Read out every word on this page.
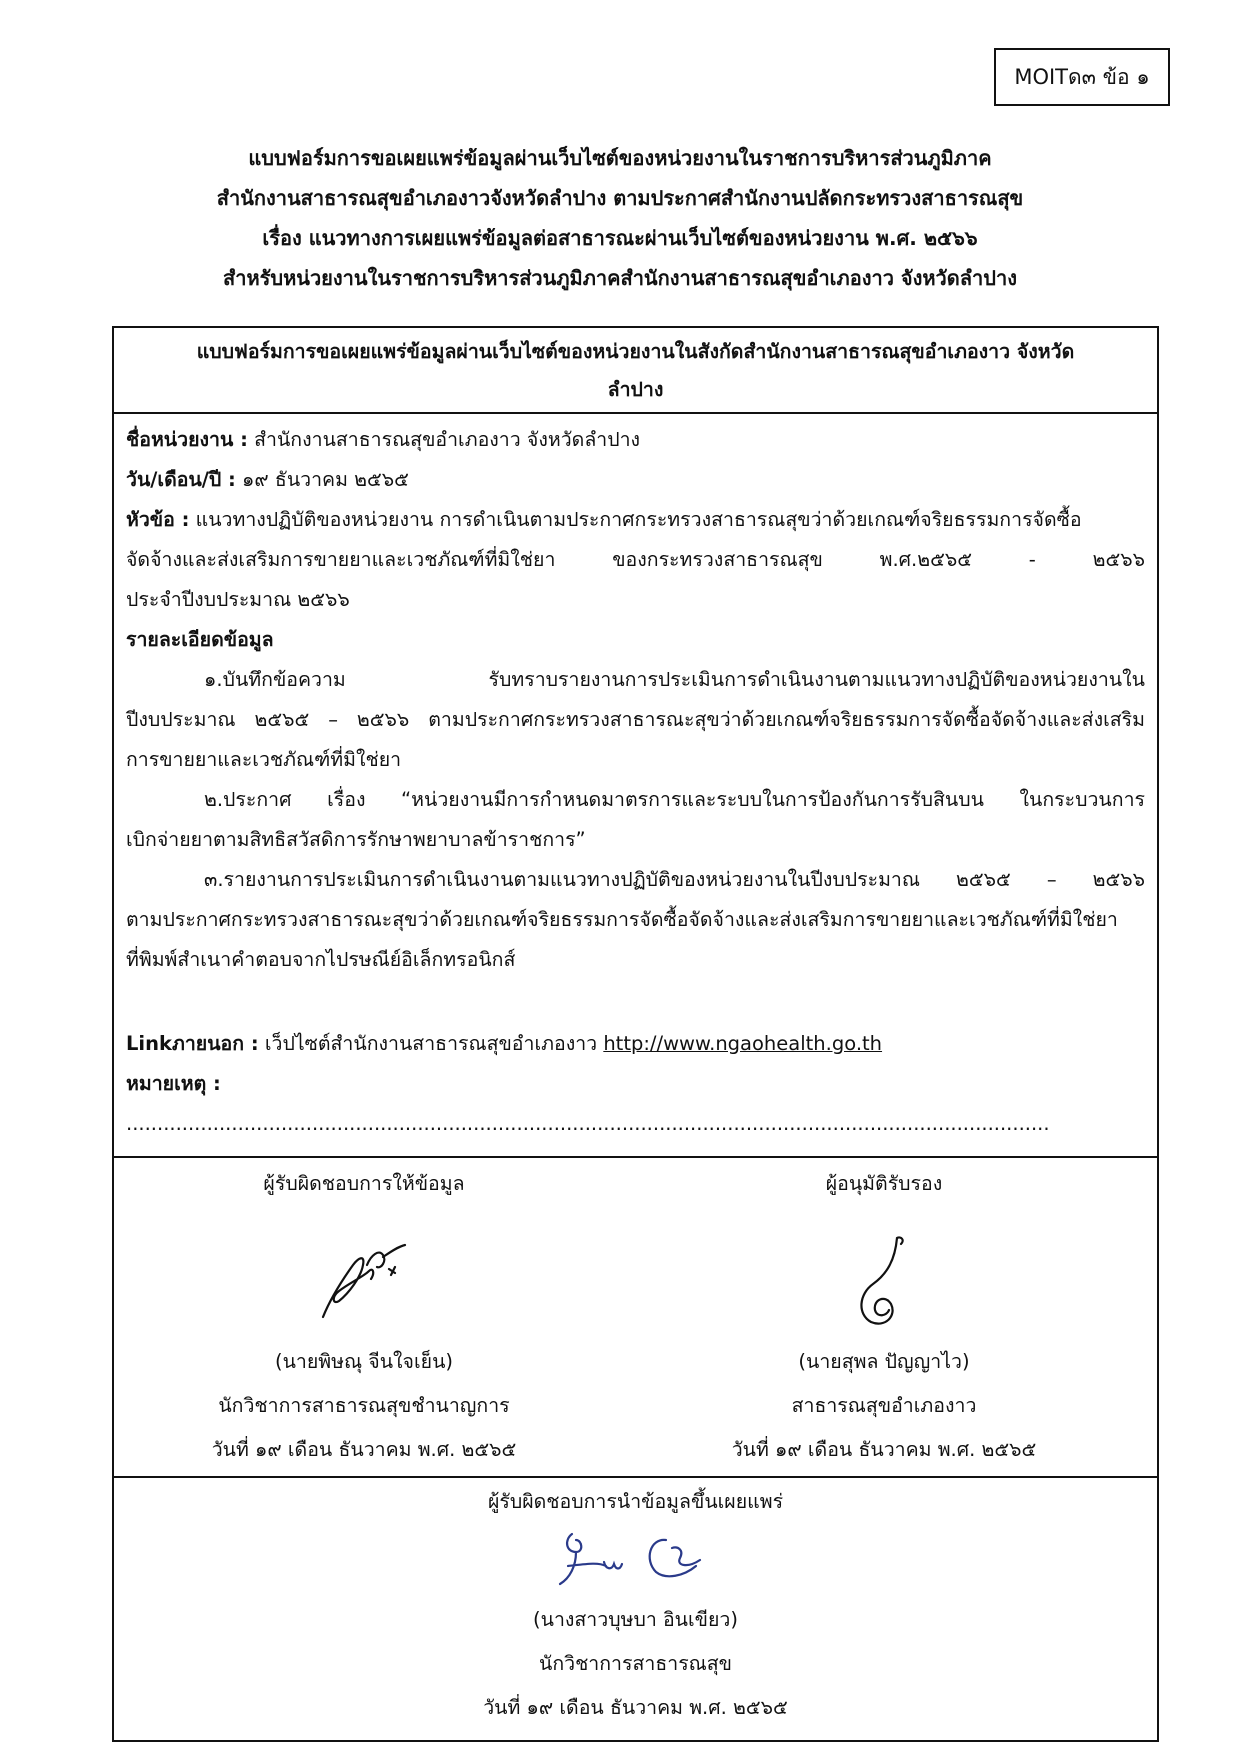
MOITด๓ ข้อ ๑
แบบฟอร์มการขอเผยแพร่ข้อมูลผ่านเว็บไซต์ของหน่วยงานในราชการบริหารส่วนภูมิภาค
สำนักงานสาธารณสุขอำเภองาวจังหวัดลำปาง ตามประกาศสำนักงานปลัดกระทรวงสาธารณสุข
เรื่อง แนวทางการเผยแพร่ข้อมูลต่อสาธารณะผ่านเว็บไซต์ของหน่วยงาน พ.ศ. ๒๕๖๖
สำหรับหน่วยงานในราชการบริหารส่วนภูมิภาคสำนักงานสาธารณสุขอำเภองาว จังหวัดลำปาง
แบบฟอร์มการขอเผยแพร่ข้อมูลผ่านเว็บไซต์ของหน่วยงานในสังกัดสำนักงานสาธารณสุขอำเภองาว จังหวัด
ลำปาง
ชื่อหน่วยงาน : สำนักงานสาธารณสุขอำเภองาว จังหวัดลำปาง
วัน/เดือน/ปี : ๑๙ ธันวาคม ๒๕๖๕
หัวข้อ : แนวทางปฏิบัติของหน่วยงาน การดำเนินตามประกาศกระทรวงสาธารณสุขว่าด้วยเกณฑ์จริยธรรมการจัดซื้อ
จัดจ้างและส่งเสริมการขายยาและเวชภัณฑ์ที่มิใช่ยา ของกระทรวงสาธารณสุข พ.ศ.๒๕๖๕ - ๒๕๖๖
ประจำปีงบประมาณ ๒๕๖๖
รายละเอียดข้อมูล
๑.บันทึกข้อความ รับทราบรายงานการประเมินการดำเนินงานตามแนวทางปฏิบัติของหน่วยงานใน
ปีงบประมาณ ๒๕๖๕ – ๒๕๖๖ ตามประกาศกระทรวงสาธารณะสุขว่าด้วยเกณฑ์จริยธรรมการจัดซื้อจัดจ้างและส่งเสริม
การขายยาและเวชภัณฑ์ที่มิใช่ยา
๒.ประกาศ เรื่อง “หน่วยงานมีการกำหนดมาตรการและระบบในการป้องกันการรับสินบน ในกระบวนการ
เบิกจ่ายยาตามสิทธิสวัสดิการรักษาพยาบาลข้าราชการ”
๓.รายงานการประเมินการดำเนินงานตามแนวทางปฏิบัติของหน่วยงานในปีงบประมาณ ๒๕๖๕ – ๒๕๖๖
ตามประกาศกระทรวงสาธารณะสุขว่าด้วยเกณฑ์จริยธรรมการจัดซื้อจัดจ้างและส่งเสริมการขายยาและเวชภัณฑ์ที่มิใช่ยา
ที่พิมพ์สำเนาคำตอบจากไปรษณีย์อิเล็กทรอนิกส์
Linkภายนอก : เว็ปไซต์สำนักงานสาธารณสุขอำเภองาว http://www.ngaohealth.go.th
หมายเหตุ : .....................................................................................................................................................
ผู้รับผิดชอบการให้ข้อมูล
(นายพิษณุ จีนใจเย็น)
นักวิชาการสาธารณสุขชำนาญการ
วันที่ ๑๙ เดือน ธันวาคม พ.ศ. ๒๕๖๕
ผู้อนุมัติรับรอง
(นายสุพล ปัญญาไว)
สาธารณสุขอำเภองาว
วันที่ ๑๙ เดือน ธันวาคม พ.ศ. ๒๕๖๕
ผู้รับผิดชอบการนำข้อมูลขึ้นเผยแพร่
(นางสาวบุษบา อินเขียว)
นักวิชาการสาธารณสุข
วันที่ ๑๙ เดือน ธันวาคม พ.ศ. ๒๕๖๕
